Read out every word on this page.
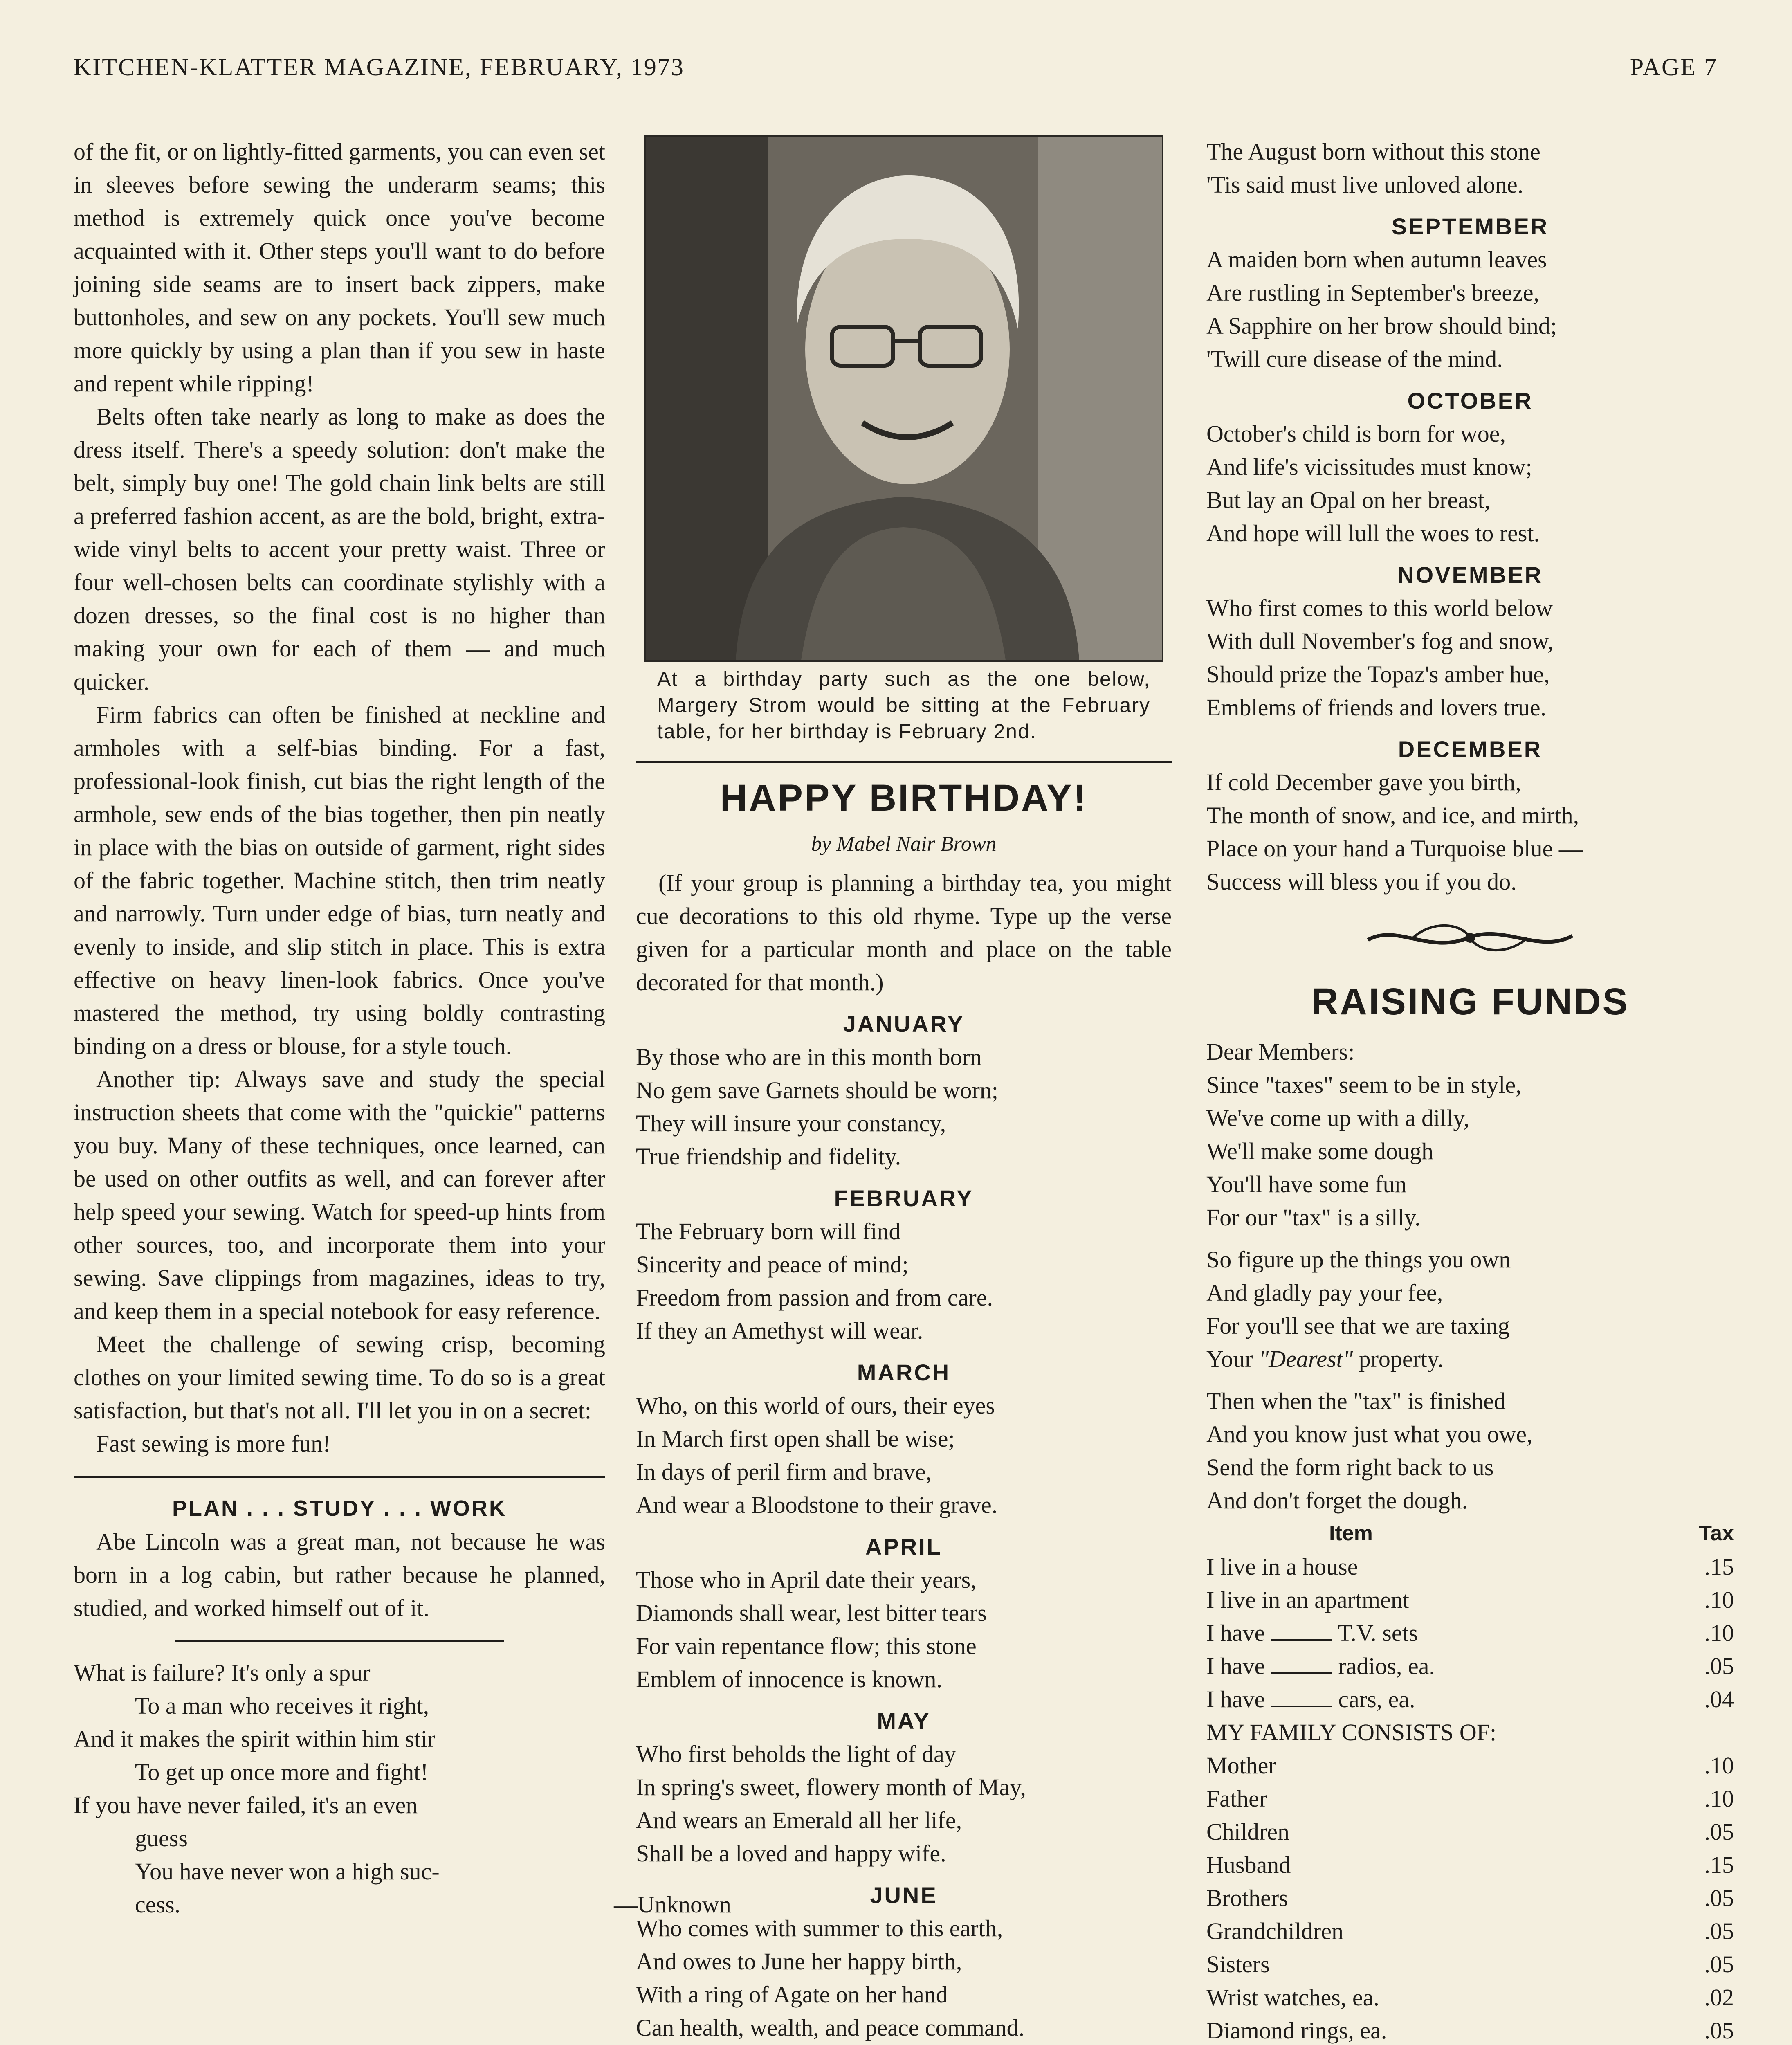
KITCHEN-KLATTER MAGAZINE, FEBRUARY, 1973	PAGE 7

of the fit, or on lightly-fitted garments, you can even set in sleeves before sewing the underarm seams; this method is extremely quick once you've become acquainted with it. Other steps you'll want to do before joining side seams are to insert back zippers, make buttonholes, and sew on any pockets. You'll sew much more quickly by using a plan than if you sew in haste and repent while ripping!

Belts often take nearly as long to make as does the dress itself. There's a speedy solution: don't make the belt, simply buy one! The gold chain link belts are still a preferred fashion accent, as are the bold, bright, extra-wide vinyl belts to accent your pretty waist. Three or four well-chosen belts can coordinate stylishly with a dozen dresses, so the final cost is no higher than making your own for each of them — and much quicker.

Firm fabrics can often be finished at neckline and armholes with a self-bias binding. For a fast, professional-look finish, cut bias the right length of the armhole, sew ends of the bias together, then pin neatly in place with the bias on outside of garment, right sides of the fabric together. Machine stitch, then trim neatly and narrowly. Turn under edge of bias, turn neatly and evenly to inside, and slip stitch in place. This is extra effective on heavy linen-look fabrics. Once you've mastered the method, try using boldly contrasting binding on a dress or blouse, for a style touch.

Another tip: Always save and study the special instruction sheets that come with the "quickie" patterns you buy. Many of these techniques, once learned, can be used on other outfits as well, and can forever after help speed your sewing. Watch for speed-up hints from other sources, too, and incorporate them into your sewing. Save clippings from magazines, ideas to try, and keep them in a special notebook for easy reference.

Meet the challenge of sewing crisp, becoming clothes on your limited sewing time. To do so is a great satisfaction, but that's not all. I'll let you in on a secret:

Fast sewing is more fun!

PLAN . . . STUDY . . . WORK

Abe Lincoln was a great man, not because he was born in a log cabin, but rather because he planned, studied, and worked himself out of it.

What is failure? It's only a spur
To a man who receives it right,
And it makes the spirit within him stir
To get up once more and fight!
If you have never failed, it's an even
guess
You have never won a high suc-
cess.	—Unknown
At a birthday party such as the one below, Margery Strom would be sitting at the February table, for her birthday is February 2nd.
HAPPY BIRTHDAY!
by Mabel Nair Brown

(If your group is planning a birthday tea, you might cue decorations to this old rhyme. Type up the verse given for a particular month and place on the table decorated for that month.)

JANUARY
By those who are in this month born
No gem save Garnets should be worn;
They will insure your constancy,
True friendship and fidelity.
FEBRUARY
The February born will find
Sincerity and peace of mind;
Freedom from passion and from care.
If they an Amethyst will wear.
MARCH
Who, on this world of ours, their eyes
In March first open shall be wise;
In days of peril firm and brave,
And wear a Bloodstone to their grave.
APRIL
Those who in April date their years,
Diamonds shall wear, lest bitter tears
For vain repentance flow; this stone
Emblem of innocence is known.
MAY
Who first beholds the light of day
In spring's sweet, flowery month of May,
And wears an Emerald all her life,
Shall be a loved and happy wife.
JUNE
Who comes with summer to this earth,
And owes to June her happy birth,
With a ring of Agate on her hand
Can health, wealth, and peace command.
The August born without this stone
'Tis said must live unloved alone.
SEPTEMBER
A maiden born when autumn leaves
Are rustling in September's breeze,
A Sapphire on her brow should bind;
'Twill cure disease of the mind.
OCTOBER
October's child is born for woe,
And life's vicissitudes must know;
But lay an Opal on her breast,
And hope will lull the woes to rest.
NOVEMBER
Who first comes to this world below
With dull November's fog and snow,
Should prize the Topaz's amber hue,
Emblems of friends and lovers true.
DECEMBER
If cold December gave you birth,
The month of snow, and ice, and mirth,
Place on your hand a Turquoise blue —
Success will bless you if you do.
RAISING FUNDS
Dear Members:
Since "taxes" seem to be in style,
We've come up with a dilly,
We'll make some dough
You'll have some fun
For our "tax" is a silly.
So figure up the things you own
And gladly pay your fee,
For you'll see that we are taxing
Your "Dearest" property.
Then when the "tax" is finished
And you know just what you owe,
Send the form right back to us
And don't forget the dough.
Item	Tax
I live in a house	.15
I live in an apartment	.10
I have T.V. sets	.10
I have radios, ea.	.05
I have cars, ea.	.04
MY FAMILY CONSISTS OF:	
Mother	.10
Father	.10
Children	.05
Husband	.15
Brothers	.05
Grandchildren	.05
Sisters	.05
Wrist watches, ea.	.02
Diamond rings, ea.	.05
